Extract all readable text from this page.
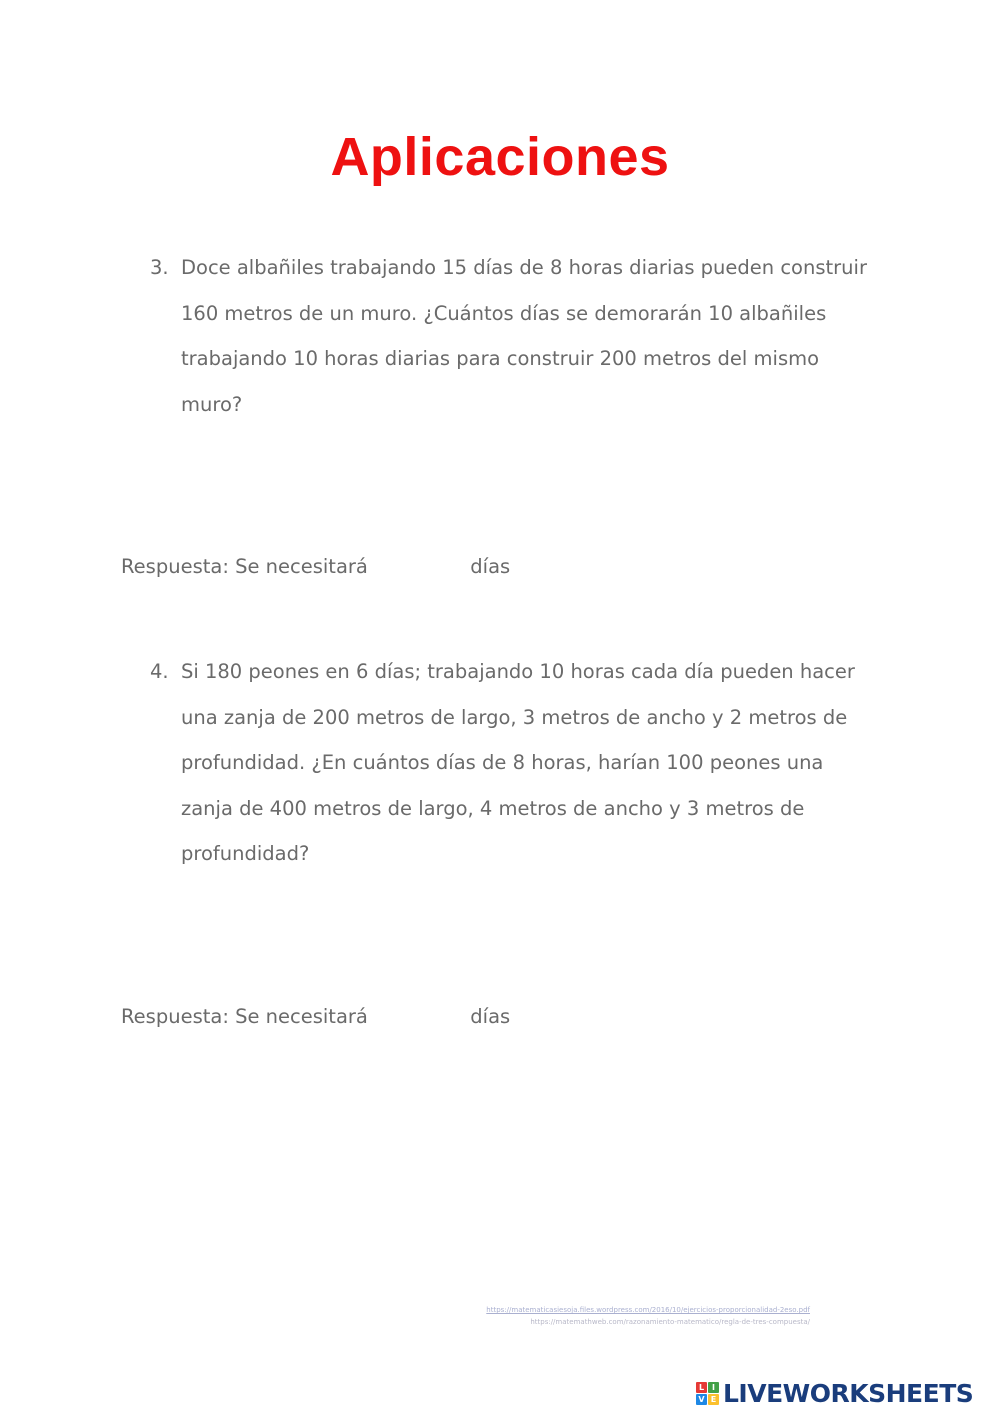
Aplicaciones
3. Doce albañiles trabajando 15 días de 8 horas diarias pueden construir 160 metros de un muro. ¿Cuántos días se demorarán 10 albañiles trabajando 10 horas diarias para construir 200 metros del mismo muro?
Respuesta: Se necesitará	días
4. Si 180 peones en 6 días; trabajando 10 horas cada día pueden hacer una zanja de 200 metros de largo, 3 metros de ancho y 2 metros de profundidad. ¿En cuántos días de 8 horas, harían 100 peones una zanja de 400 metros de largo, 4 metros de ancho y 3 metros de profundidad?
Respuesta: Se necesitará	días
https://matematicasiesoja.files.wordpress.com/2016/10/ejercicios-proporcionalidad-2eso.pdf
https://matemathweb.com/razonamiento-matematico/regla-de-tres-compuesta/
L I
V E LIVEWORKSHEETS
